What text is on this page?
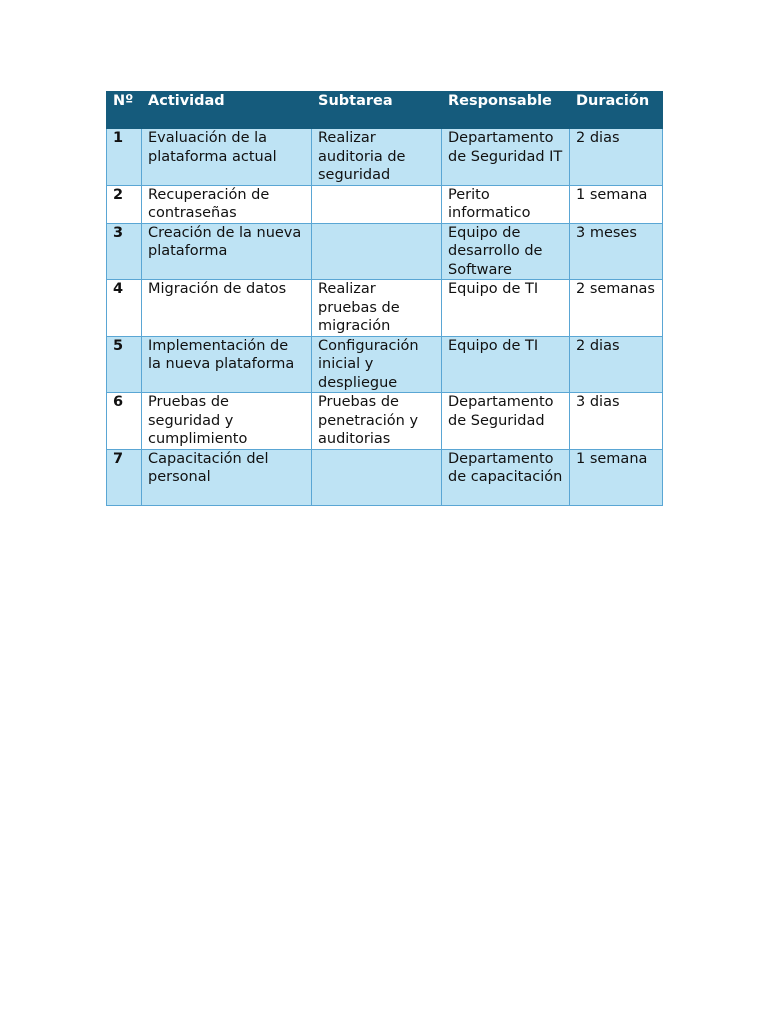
Nº	Actividad	Subtarea	Responsable	Duración
1	Evaluación de la plataforma actual	Realizar auditoria de seguridad	Departamento de Seguridad IT	2 dias
2	Recuperación de contraseñas		Perito informatico	1 semana
3	Creación de la nueva plataforma		Equipo de desarrollo de Software	3 meses
4	Migración de datos	Realizar pruebas de migración	Equipo de TI	2 semanas
5	Implementación de la nueva plataforma	Configuración inicial y despliegue	Equipo de TI	2 dias
6	Pruebas de seguridad y cumplimiento	Pruebas de penetración y auditorias	Departamento de Seguridad	3 dias
7	Capacitación del personal		Departamento de capacitación	1 semana
